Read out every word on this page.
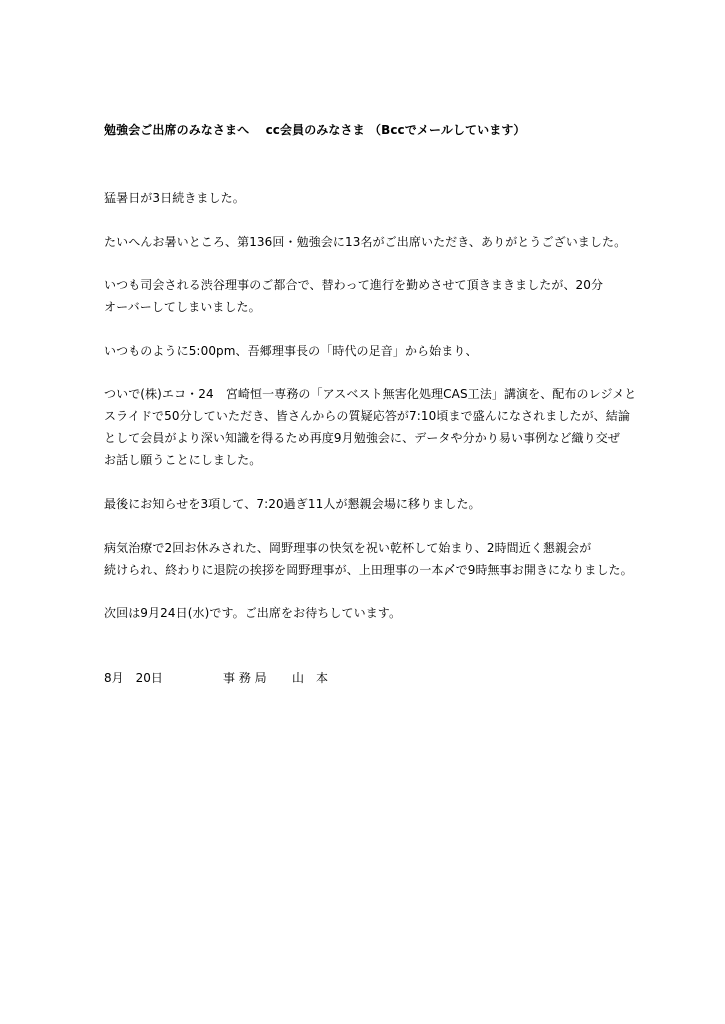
勉強会ご出席のみなさまへ　 cc会員のみなさま （Bccでメールしています）
猛暑日が3日続きました。
たいへんお暑いところ、第136回・勉強会に13名がご出席いただき、ありがとうございました。
いつも司会される渋谷理事のご都合で、替わって進行を勤めさせて頂きまきましたが、20分
オーバーしてしまいました。
いつものように5:00pm、吾郷理事長の「時代の足音」から始まり、
ついで(株)エコ・24　宮崎恒一専務の「アスベスト無害化処理CAS工法」講演を、配布のレジメと
スライドで50分していただき、皆さんからの質疑応答が7:10頃まで盛んになされましたが、結論
として会員がより深い知識を得るため再度9月勉強会に、データや分かり易い事例など織り交ぜ
お話し願うことにしました。
最後にお知らせを3項して、7:20過ぎ11人が懇親会場に移りました。
病気治療で2回お休みされた、岡野理事の快気を祝い乾杯して始まり、2時間近く懇親会が
続けられ、終わりに退院の挨拶を岡野理事が、上田理事の一本〆で9時無事お開きになりました。
次回は9月24日(水)です。ご出席をお待ちしています。
8月　20日	事 務 局 山　本
